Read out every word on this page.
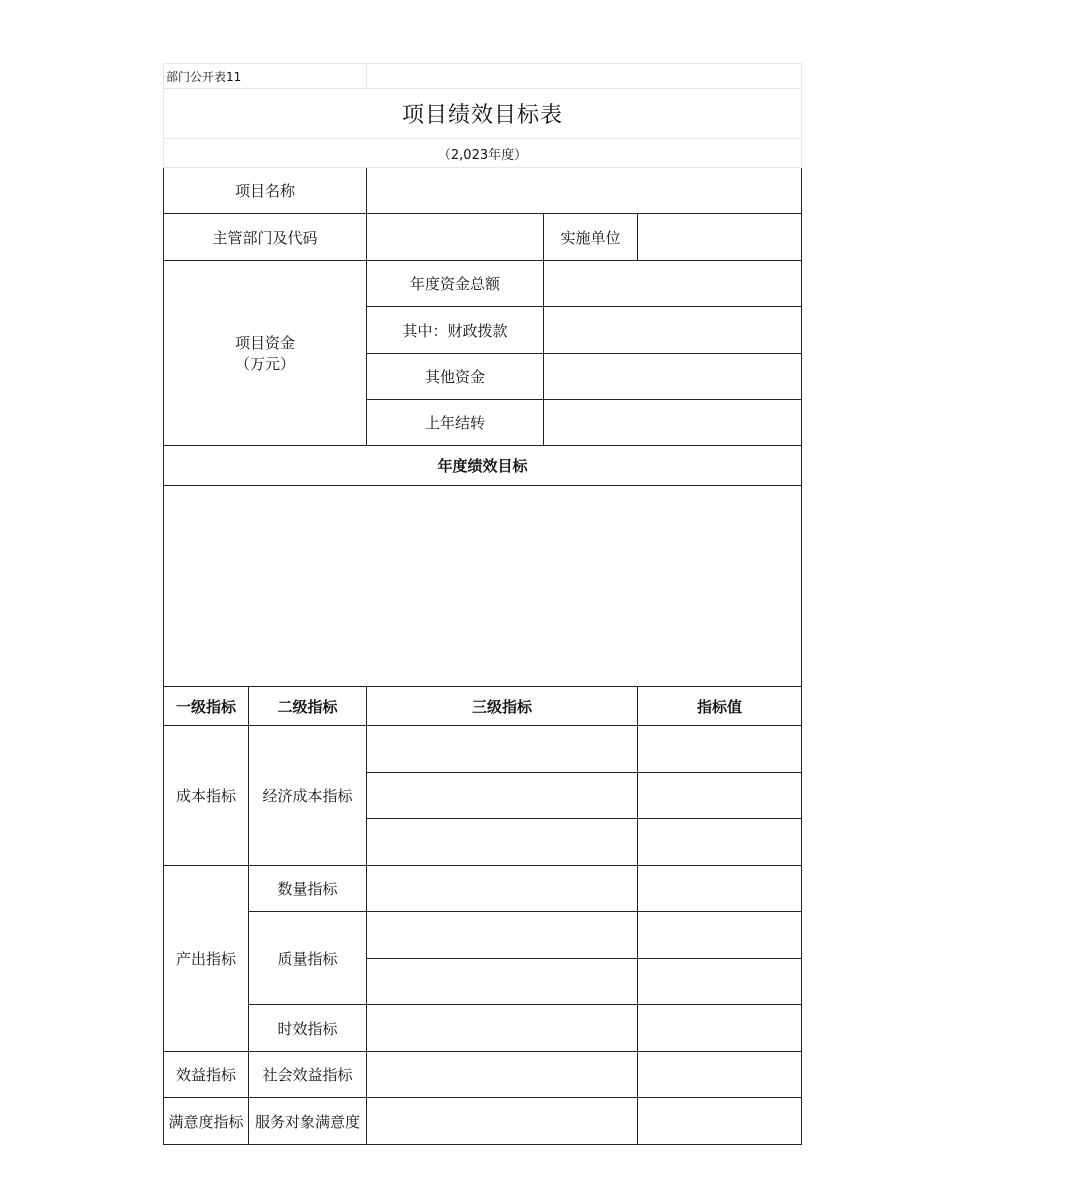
部门公开表11				
项目绩效目标表				
（2,023年度）				
项目名称				
主管部门及代码			实施单位	

项目资金
（万元）		年度资金总额		
		其中：财政拨款		
		其他资金		
		上年结转		
年度绩效目标				

一级指标	二级指标	三级指标		指标值
成本指标	经济成本指标			

产出指标	数量指标			
	质量指标			

	时效指标			
效益指标	社会效益指标			
满意度指标	服务对象满意度			
